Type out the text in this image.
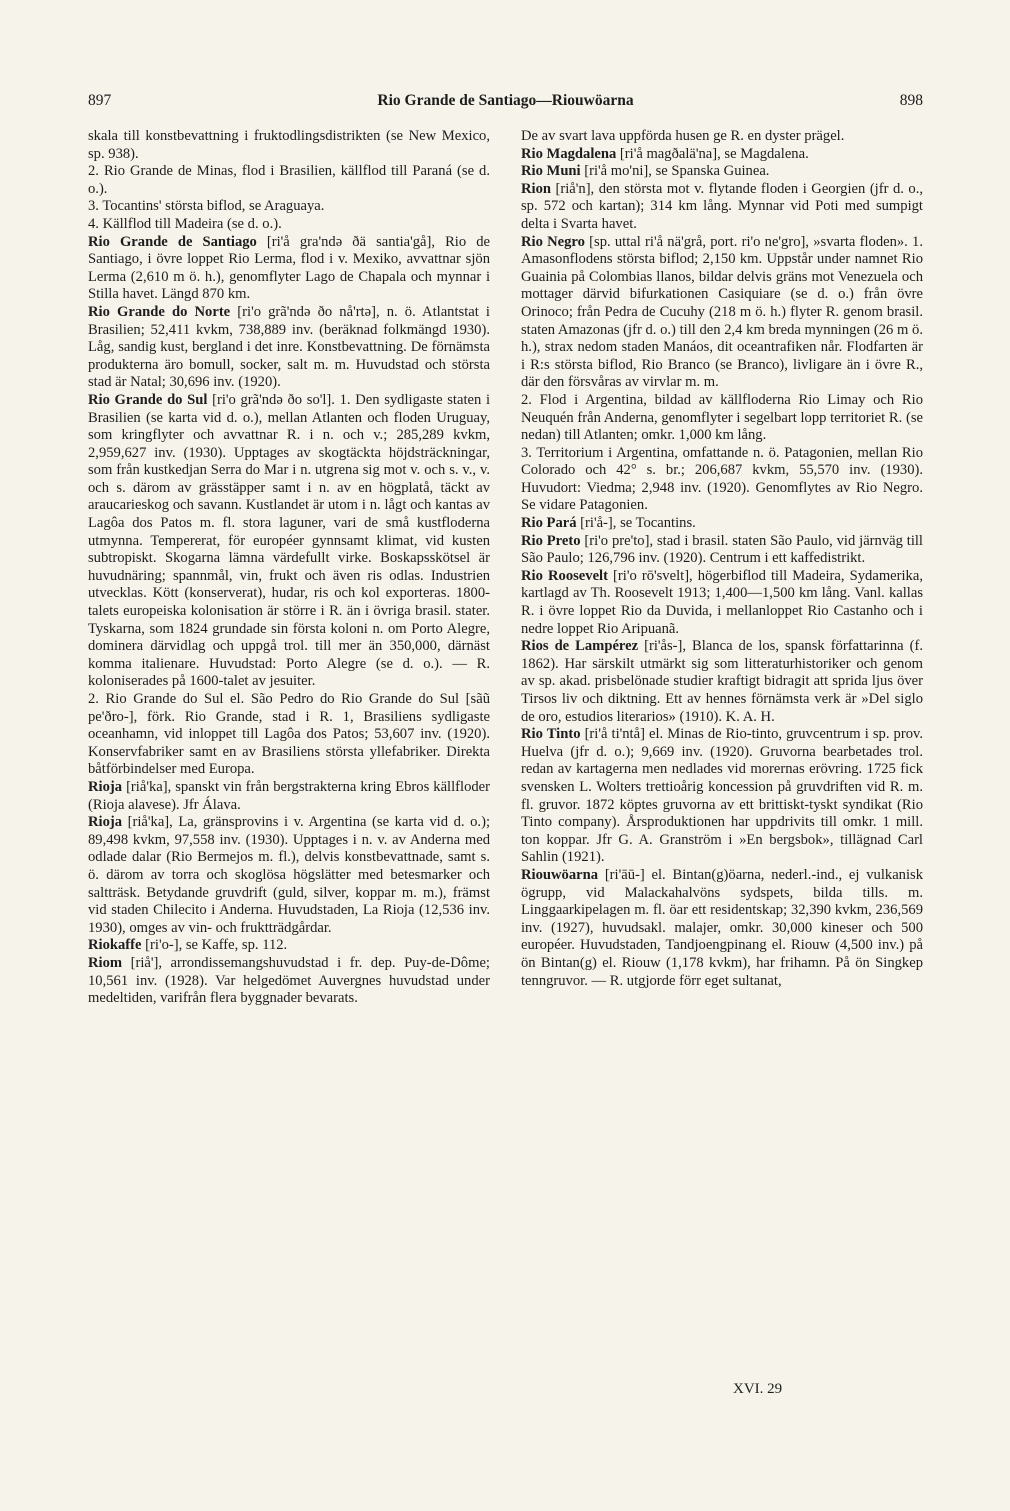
897	Rio Grande de Santiago—Riouwöarna	898

skala till konstbevattning i fruktodlingsdistrikten (se New Mexico, sp. 938).

2. Rio Grande de Minas, flod i Brasilien, källflod till Paraná (se d. o.).

3. Tocantins' största biflod, se Araguaya.

4. Källflod till Madeira (se d. o.).

Rio Grande de Santiago [ri'å gra'ndə ðä santia'gå], Rio de Santiago, i övre loppet Rio Lerma, flod i v. Mexiko, avvattnar sjön Lerma (2,610 m ö. h.), genomflyter Lago de Chapala och mynnar i Stilla havet. Längd 870 km.

Rio Grande do Norte [ri'o grã'ndə ðo nå'rtə], n. ö. Atlantstat i Brasilien; 52,411 kvkm, 738,889 inv. (beräknad folkmängd 1930). Låg, sandig kust, bergland i det inre. Konstbevattning. De förnämsta produkterna äro bomull, socker, salt m. m. Huvudstad och största stad är Natal; 30,696 inv. (1920).

Rio Grande do Sul [ri'o grã'ndə ðo so'l]. 1. Den sydligaste staten i Brasilien (se karta vid d. o.), mellan Atlanten och floden Uruguay, som kringflyter och avvattnar R. i n. och v.; 285,289 kvkm, 2,959,627 inv. (1930). Upptages av skogtäckta höjdsträckningar, som från kustkedjan Serra do Mar i n. utgrena sig mot v. och s. v., v. och s. därom av grässtäpper samt i n. av en högplatå, täckt av araucarieskog och savann. Kustlandet är utom i n. lågt och kantas av Lagôa dos Patos m. fl. stora laguner, vari de små kustfloderna utmynna. Tempererat, för européer gynnsamt klimat, vid kusten subtropiskt. Skogarna lämna värdefullt virke. Boskapsskötsel är huvudnäring; spannmål, vin, frukt och även ris odlas. Industrien utvecklas. Kött (konserverat), hudar, ris och kol exporteras. 1800-talets europeiska kolonisation är större i R. än i övriga brasil. stater. Tyskarna, som 1824 grundade sin första koloni n. om Porto Alegre, dominera därvidlag och uppgå trol. till mer än 350,000, därnäst komma italienare. Huvudstad: Porto Alegre (se d. o.). — R. koloniserades på 1600-talet av jesuiter.

2. Rio Grande do Sul el. São Pedro do Rio Grande do Sul [sãũ pe'ðro-], förk. Rio Grande, stad i R. 1, Brasiliens sydligaste oceanhamn, vid inloppet till Lagôa dos Patos; 53,607 inv. (1920). Konservfabriker samt en av Brasiliens största yllefabriker. Direkta båtförbindelser med Europa.

Rioja [riå'ka], spanskt vin från bergstrakterna kring Ebros källfloder (Rioja alavese). Jfr Álava.

Rioja [riå'ka], La, gränsprovins i v. Argentina (se karta vid d. o.); 89,498 kvkm, 97,558 inv. (1930). Upptages i n. v. av Anderna med odlade dalar (Rio Bermejos m. fl.), delvis konstbevattnade, samt s. ö. därom av torra och skoglösa högslätter med betesmarker och saltträsk. Betydande gruvdrift (guld, silver, koppar m. m.), främst vid staden Chilecito i Anderna. Huvudstaden, La Rioja (12,536 inv. 1930), omges av vin- och fruktträdgårdar.

Riokaffe [ri'o-], se Kaffe, sp. 112.

Riom [riå'], arrondissemangshuvudstad i fr. dep. Puy-de-Dôme; 10,561 inv. (1928). Var helgedömet Auvergnes huvudstad under medeltiden, varifrån flera byggnader bevarats.

De av svart lava uppförda husen ge R. en dyster prägel.

Rio Magdalena [ri'å magðalä'na], se Magdalena.

Rio Muni [ri'å mo'ni], se Spanska Guinea.

Rion [riå'n], den största mot v. flytande floden i Georgien (jfr d. o., sp. 572 och kartan); 314 km lång. Mynnar vid Poti med sumpigt delta i Svarta havet.

Rio Negro [sp. uttal ri'å nä'grå, port. ri'o ne'gro], »svarta floden». 1. Amasonflodens största biflod; 2,150 km. Uppstår under namnet Rio Guainia på Colombias llanos, bildar delvis gräns mot Venezuela och mottager därvid bifurkationen Casiquiare (se d. o.) från övre Orinoco; från Pedra de Cucuhy (218 m ö. h.) flyter R. genom brasil. staten Amazonas (jfr d. o.) till den 2,4 km breda mynningen (26 m ö. h.), strax nedom staden Manáos, dit oceantrafiken når. Flodfarten är i R:s största biflod, Rio Branco (se Branco), livligare än i övre R., där den försvåras av virvlar m. m.

2. Flod i Argentina, bildad av källfloderna Rio Limay och Rio Neuquén från Anderna, genomflyter i segelbart lopp territoriet R. (se nedan) till Atlanten; omkr. 1,000 km lång.

3. Territorium i Argentina, omfattande n. ö. Patagonien, mellan Rio Colorado och 42° s. br.; 206,687 kvkm, 55,570 inv. (1930). Huvudort: Viedma; 2,948 inv. (1920). Genomflytes av Rio Negro. Se vidare Patagonien.

Rio Pará [ri'å-], se Tocantins.

Rio Preto [ri'o pre'to], stad i brasil. staten São Paulo, vid järnväg till São Paulo; 126,796 inv. (1920). Centrum i ett kaffedistrikt.

Rio Roosevelt [ri'o rō'svelt], högerbiflod till Madeira, Sydamerika, kartlagd av Th. Roosevelt 1913; 1,400—1,500 km lång. Vanl. kallas R. i övre loppet Rio da Duvida, i mellanloppet Rio Castanho och i nedre loppet Rio Aripuanã.

Rios de Lampérez [ri'ås-], Blanca de los, spansk författarinna (f. 1862). Har särskilt utmärkt sig som litteraturhistoriker och genom av sp. akad. prisbelönade studier kraftigt bidragit att sprida ljus över Tirsos liv och diktning. Ett av hennes förnämsta verk är »Del siglo de oro, estudios literarios» (1910). K. A. H.

Rio Tinto [ri'å ti'ntå] el. Minas de Rio-tinto, gruvcentrum i sp. prov. Huelva (jfr d. o.); 9,669 inv. (1920). Gruvorna bearbetades trol. redan av kartagerna men nedlades vid morernas erövring. 1725 fick svensken L. Wolters trettioårig koncession på gruvdriften vid R. m. fl. gruvor. 1872 köptes gruvorna av ett brittiskt-tyskt syndikat (Rio Tinto company). Årsproduktionen har uppdrivits till omkr. 1 mill. ton koppar. Jfr G. A. Granström i »En bergsbok», tillägnad Carl Sahlin (1921).

Riouwöarna [ri'āū-] el. Bintan(g)öarna, nederl.-ind., ej vulkanisk ögrupp, vid Malackahalvöns sydspets, bilda tills. m. Linggaarkipelagen m. fl. öar ett residentskap; 32,390 kvkm, 236,569 inv. (1927), huvudsakl. malajer, omkr. 30,000 kineser och 500 européer. Huvudstaden, Tandjoengpinang el. Riouw (4,500 inv.) på ön Bintan(g) el. Riouw (1,178 kvkm), har frihamn. På ön Singkep tenngruvor. — R. utgjorde förr eget sultanat,

XVI. 29
